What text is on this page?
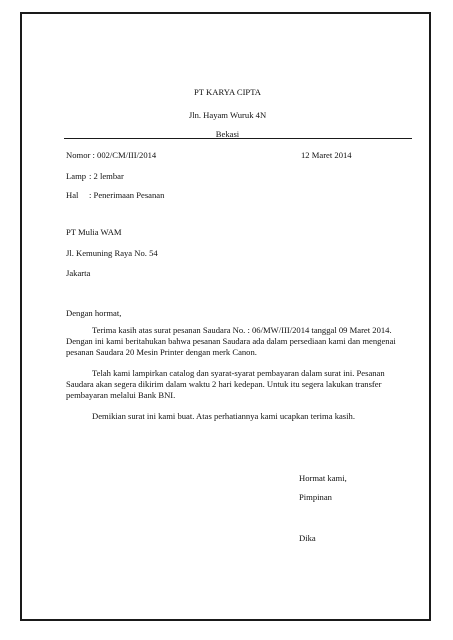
PT KARYA CIPTA
Jln. Hayam Wuruk 4N
Bekasi
Nomor : 002/CM/III/2014	12 Maret 2014
Lamp : 2 lembar
Hal : Penerimaan Pesanan
PT Mulia WAM
Jl. Kemuning Raya No. 54
Jakarta
Dengan hormat,
Terima kasih atas surat pesanan Saudara No. : 06/MW/III/2014 tanggal 09 Maret 2014. Dengan ini kami beritahukan bahwa pesanan Saudara ada dalam persediaan kami dan mengenai pesanan Saudara 20 Mesin Printer dengan merk Canon.
Telah kami lampirkan catalog dan syarat-syarat pembayaran dalam surat ini. Pesanan Saudara akan segera dikirim dalam waktu 2 hari kedepan. Untuk itu segera lakukan transfer pembayaran melalui Bank BNI.
Demikian surat ini kami buat. Atas perhatiannya kami ucapkan terima kasih.
Hormat kami,
Pimpinan
Dika
